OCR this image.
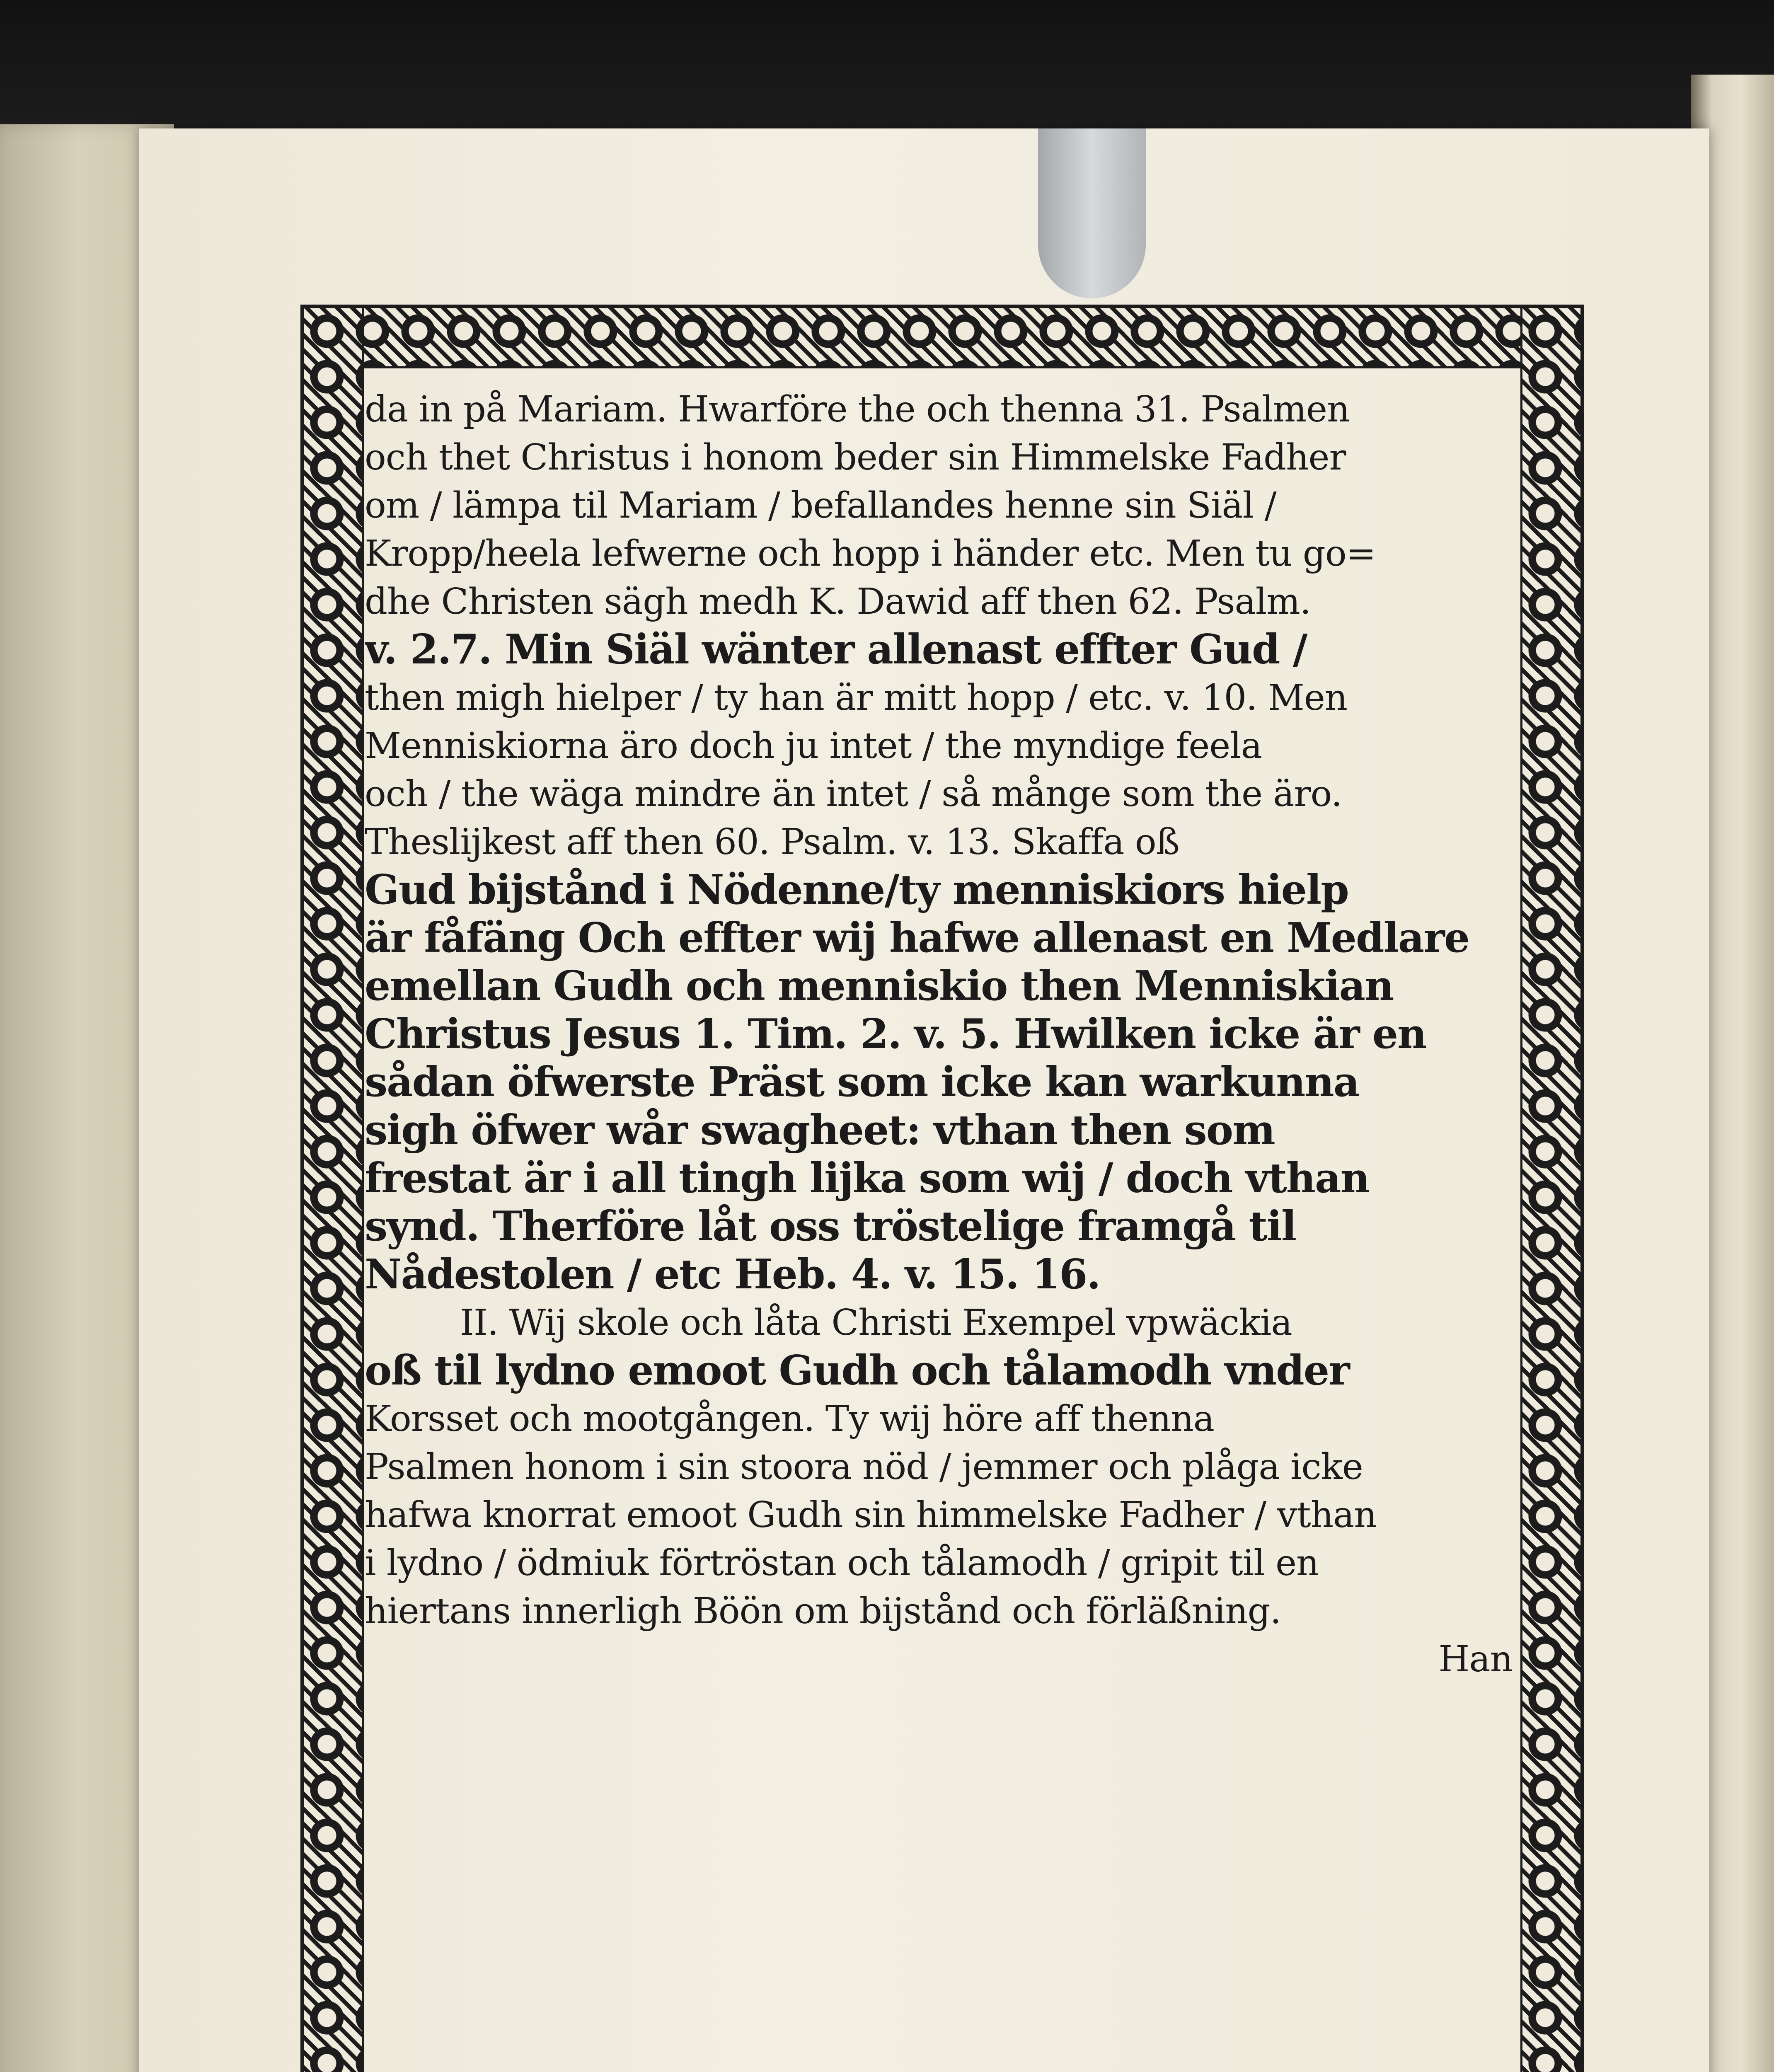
da in på Mariam. Hwarföre the och thenna 31. Psalmen
och thet Christus i honom beder sin Himmelske Fadher
om / lämpa til Mariam / befallandes henne sin Siäl /
Kropp/heela lefwerne och hopp i händer etc. Men tu go=
dhe Christen sägh medh K. Dawid aff then 62. Psalm.
v. 2.7. Min Siäl wänter allenast effter Gud /
then migh hielper / ty han är mitt hopp / etc. v. 10. Men
Menniskiorna äro doch ju intet / the myndige feela
och / the wäga mindre än intet / så månge som the äro.
Theslijkest aff then 60. Psalm. v. 13. Skaffa oß
Gud bijstånd i Nödenne/ty menniskiors hielp
är fåfäng Och effter wij hafwe allenast en Medlare
emellan Gudh och menniskio then Menniskian
Christus Jesus 1. Tim. 2. v. 5. Hwilken icke är en
sådan öfwerste Präst som icke kan warkunna
sigh öfwer wår swagheet: vthan then som
frestat är i all tingh lijka som wij / doch vthan
synd. Therföre låt oss tröstelige framgå til
Nådestolen / etc Heb. 4. v. 15. 16.
II. Wij skole och låta Christi Exempel vpwäckia
oß til lydno emoot Gudh och tålamodh vnder
Korsset och mootgången. Ty wij höre aff thenna
Psalmen honom i sin stoora nöd / jemmer och plåga icke
hafwa knorrat emoot Gudh sin himmelske Fadher / vthan
i lydno / ödmiuk förtröstan och tålamodh / gripit til en
hiertans innerligh Böön om bijstånd och förläßning.
Han
